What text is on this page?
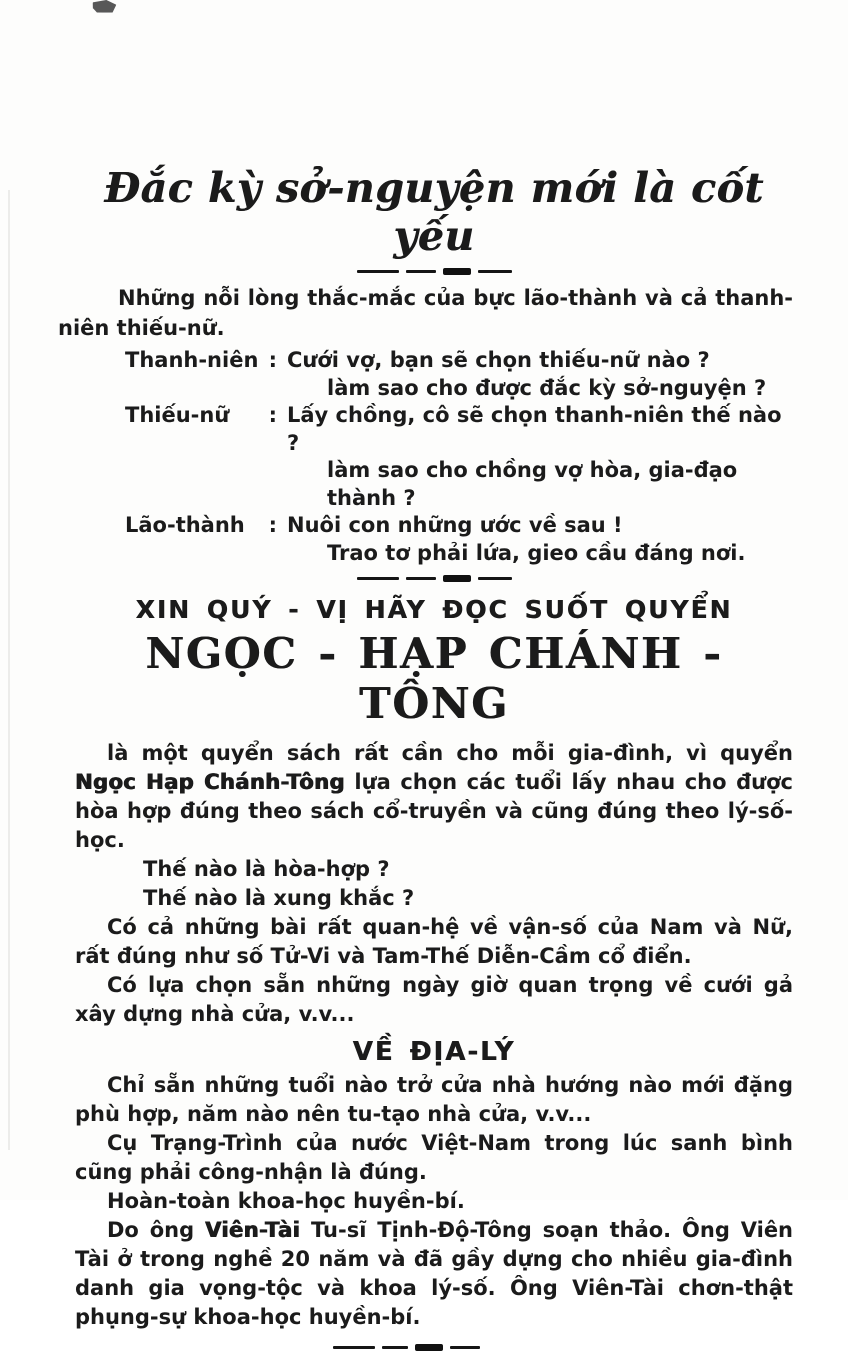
Đắc kỳ sở-nguyện mới là cốt yếu

Những nỗi lòng thắc-mắc của bực lão-thành và cả thanh-niên thiếu-nữ.

Thanh-niên : Cưới vợ, bạn sẽ chọn thiếu-nữ nào ?
làm sao cho được đắc kỳ sở-nguyện ?
Thiếu-nữ : Lấy chồng, cô sẽ chọn thanh-niên thế nào ?
làm sao cho chồng vợ hòa, gia-đạo thành ?
Lão-thành : Nuôi con những ước về sau !
Trao tơ phải lứa, gieo cầu đáng nơi.

XIN QUÝ - VỊ HÃY ĐỌC SUỐT QUYỂN

NGỌC - HẠP CHÁNH - TÔNG

là một quyển sách rất cần cho mỗi gia-đình, vì quyển Ngọc Hạp Chánh-Tông lựa chọn các tuổi lấy nhau cho được hòa hợp đúng theo sách cổ-truyền và cũng đúng theo lý-số-học.

Thế nào là hòa-hợp ?

Thế nào là xung khắc ?

Có cả những bài rất quan-hệ về vận-số của Nam và Nữ, rất đúng như số Tử-Vi và Tam-Thế Diễn-Cầm cổ điển.

Có lựa chọn sẵn những ngày giờ quan trọng về cưới gả xây dựng nhà cửa, v.v...

VỀ ĐỊA-LÝ

Chỉ sẵn những tuổi nào trở cửa nhà hướng nào mới đặng phù hợp, năm nào nên tu-tạo nhà cửa, v.v...

Cụ Trạng-Trình của nước Việt-Nam trong lúc sanh bình cũng phải công-nhận là đúng.

Hoàn-toàn khoa-học huyền-bí.

Do ông Viên-Tài Tu-sĩ Tịnh-Độ-Tông soạn thảo. Ông Viên Tài ở trong nghề 20 năm và đã gầy dựng cho nhiều gia-đình danh gia vọng-tộc và khoa lý-số. Ông Viên-Tài chơn-thật phụng-sự khoa-học huyền-bí.
